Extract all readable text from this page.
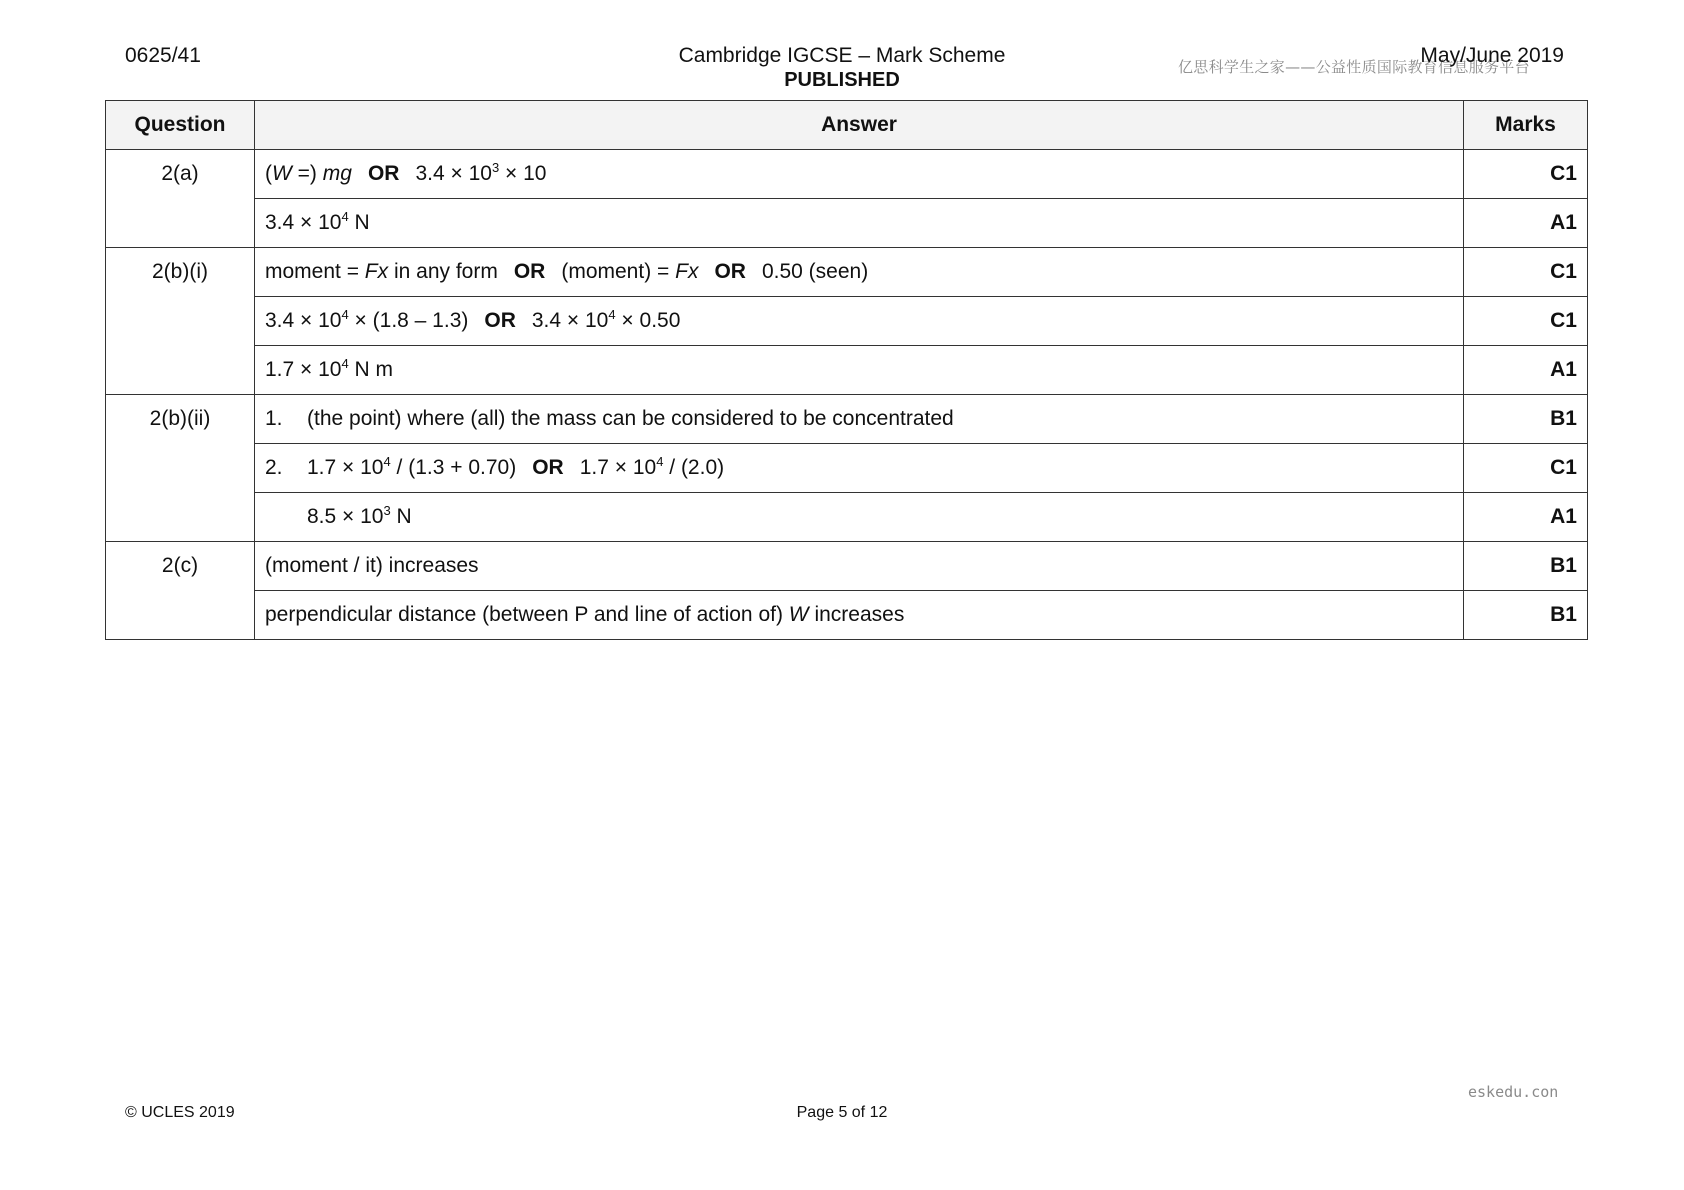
0625/41	Cambridge IGCSE – Mark Scheme
PUBLISHED
亿思科学生之家——公益性质国际教育信息服务平台
May/June 2019
Question	Answer	Marks
2(a)	(W =) mg OR $3.4 \times 10^3 \times 10$	C1
	$3.4 \times 10^4$ N	A1
2(b)(i)	moment = Fx in any form OR (moment) = Fx OR 0.50 (seen)	C1
	$3.4 \times 10^4 \times (1.8 - 1.3)$ OR $3.4 \times 10^4 \times 0.50$	C1
	$1.7 \times 10^4$ N m	A1
2(b)(ii)	1. (the point) where (all) the mass can be considered to be concentrated	B1
	2. $1.7 \times 10^4 / (1.3 + 0.70)$ OR $1.7 \times 10^4 / (2.0)$	C1
	$8.5 \times 10^3$ N	A1
2(c)	(moment / it) increases	B1
	perpendicular distance (between P and line of action of) W increases	B1
eskedu.con
© UCLES 2019	Page 5 of 12
